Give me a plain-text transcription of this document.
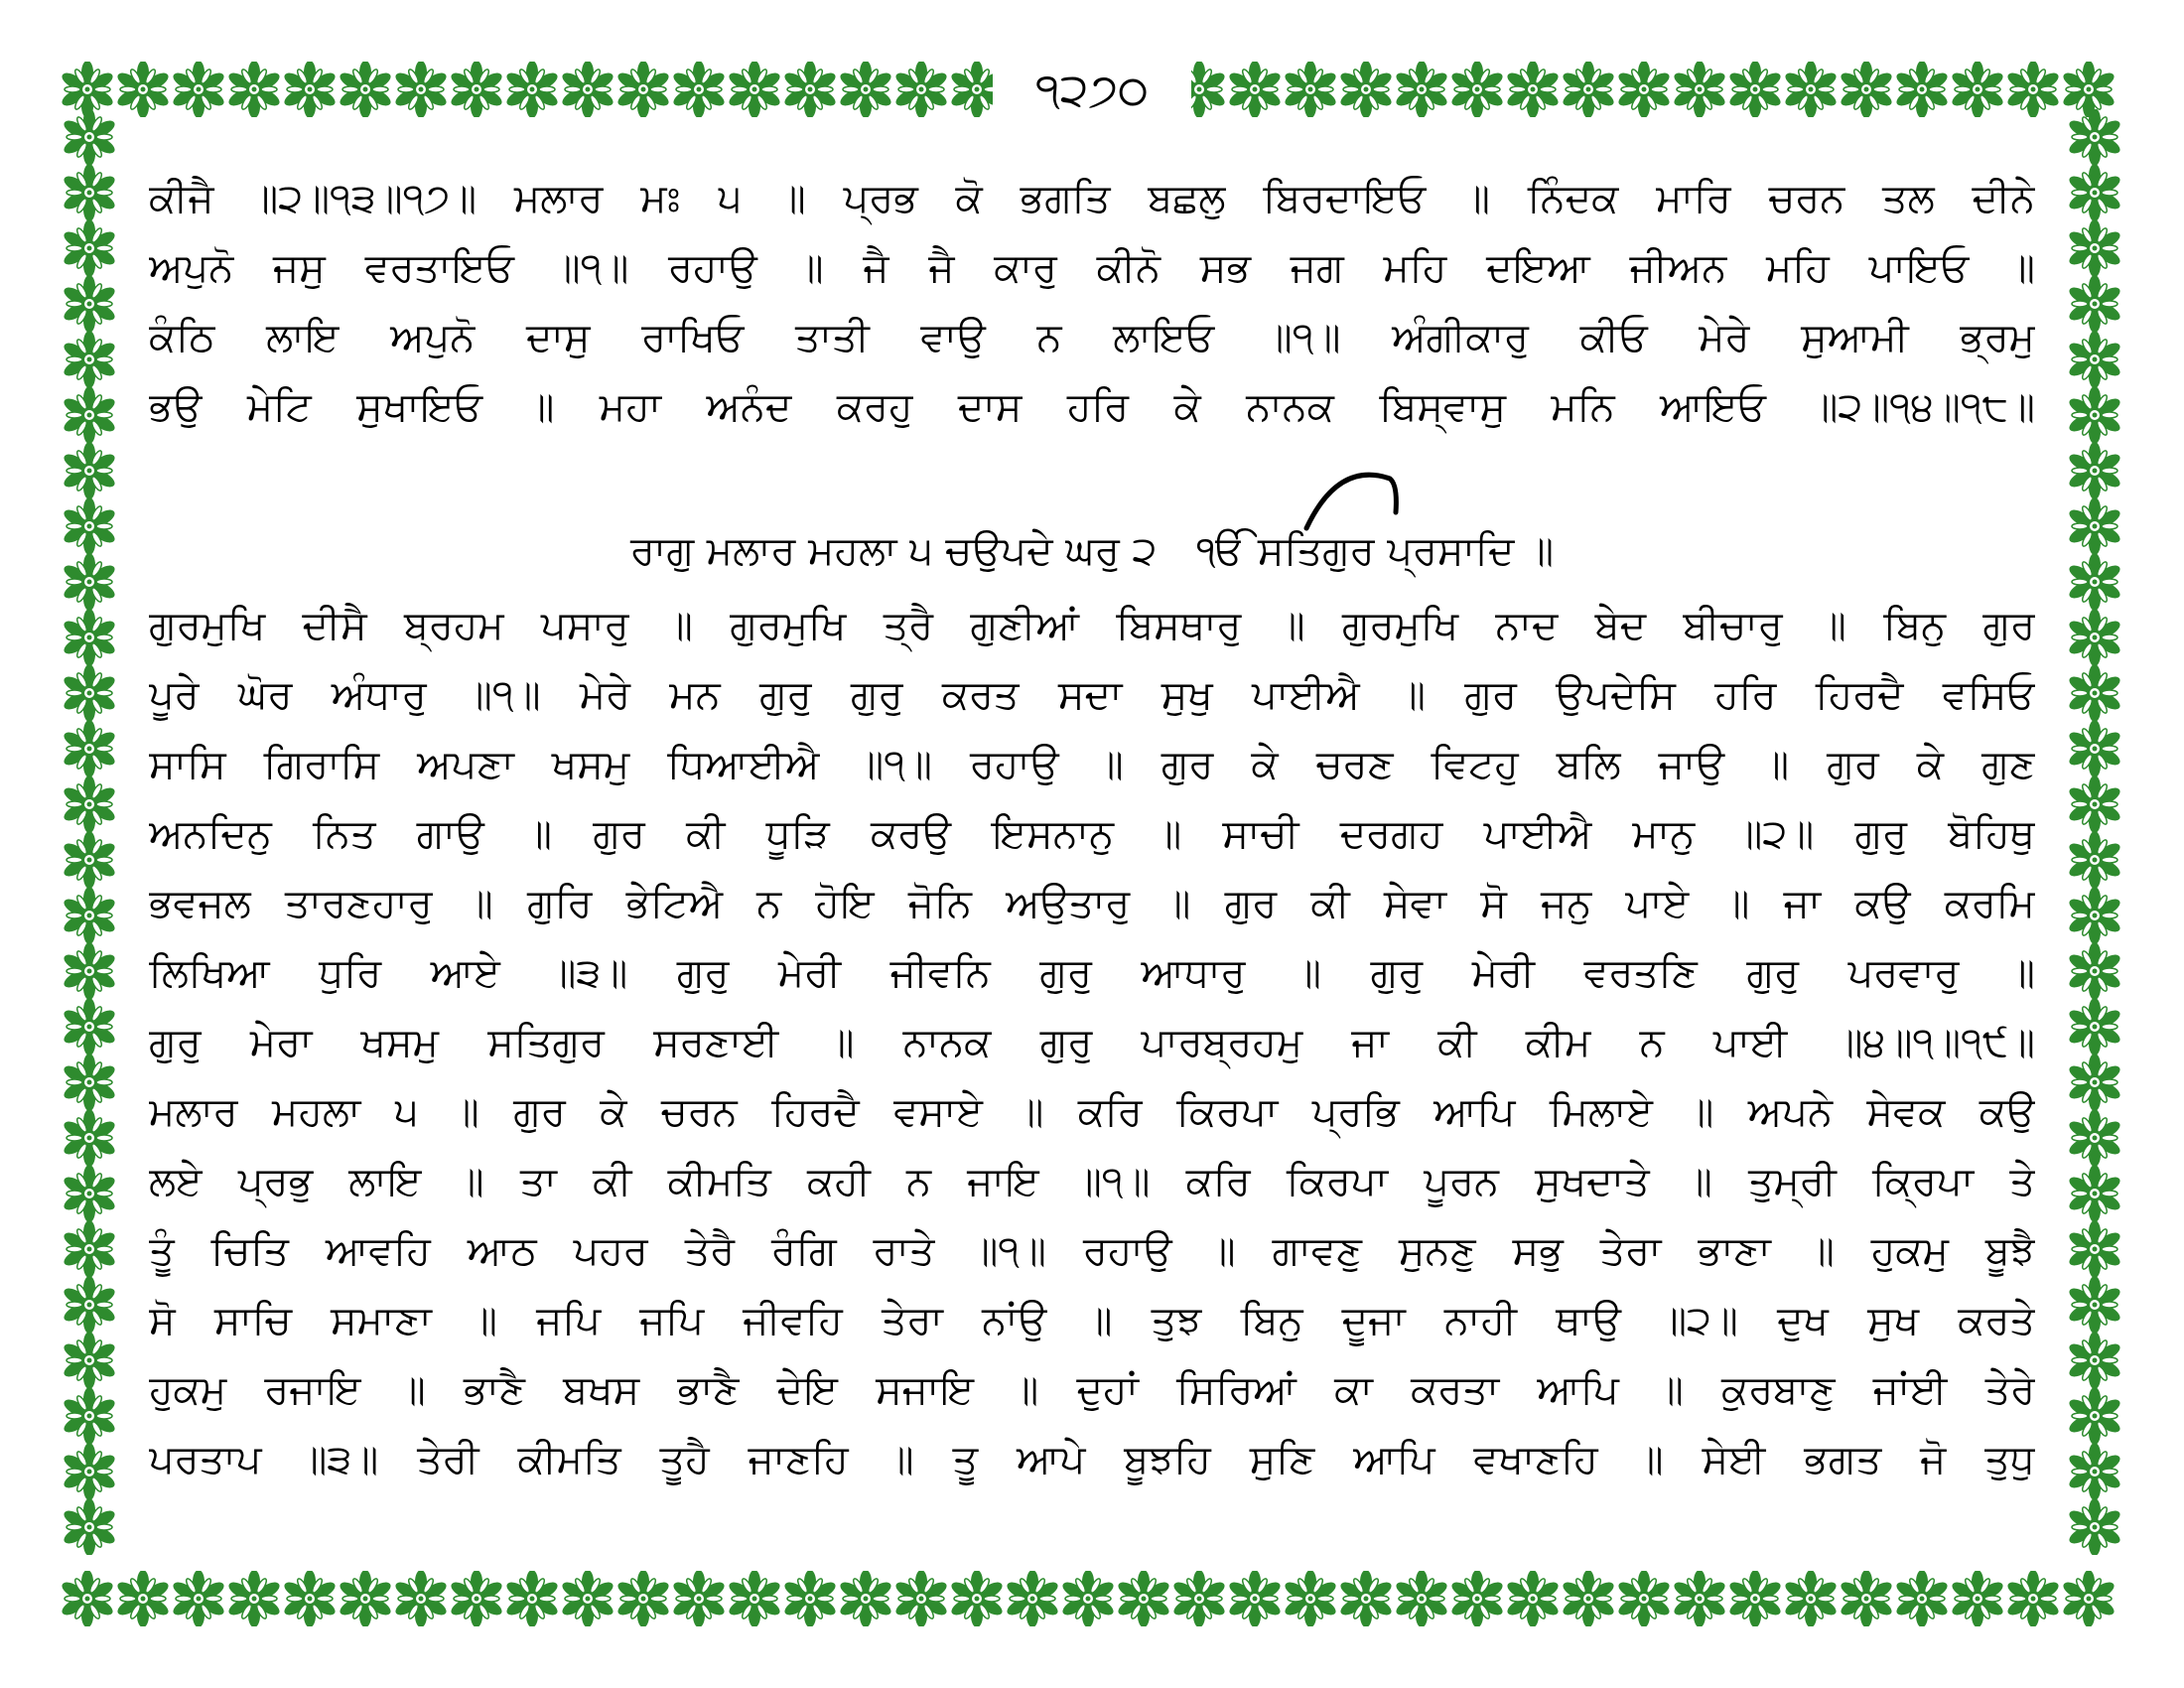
੧੨੭੦
ਕੀਜੈ ॥੨॥੧੩॥੧੭॥ ਮਲਾਰ ਮਃ ੫ ॥ ਪ੍ਰਭ ਕੋ ਭਗਤਿ ਬਛਲੁ ਬਿਰਦਾਇਓ ॥ ਨਿੰਦਕ ਮਾਰਿ ਚਰਨ ਤਲ ਦੀਨੇ
ਅਪੁਨੋ ਜਸੁ ਵਰਤਾਇਓ ॥੧॥ ਰਹਾਉ ॥ ਜੈ ਜੈ ਕਾਰੁ ਕੀਨੋ ਸਭ ਜਗ ਮਹਿ ਦਇਆ ਜੀਅਨ ਮਹਿ ਪਾਇਓ ॥
ਕੰਠਿ ਲਾਇ ਅਪੁਨੋ ਦਾਸੁ ਰਾਖਿਓ ਤਾਤੀ ਵਾਉ ਨ ਲਾਇਓ ॥੧॥ ਅੰਗੀਕਾਰੁ ਕੀਓ ਮੇਰੇ ਸੁਆਮੀ ਭ੍ਰਮੁ
ਭਉ ਮੇਟਿ ਸੁਖਾਇਓ ॥ ਮਹਾ ਅਨੰਦ ਕਰਹੁ ਦਾਸ ਹਰਿ ਕੇ ਨਾਨਕ ਬਿਸ੍ਵਾਸੁ ਮਨਿ ਆਇਓ ॥੨॥੧੪॥੧੮॥
ਰਾਗੁ ਮਲਾਰ ਮਹਲਾ ੫ ਚਉਪਦੇ ਘਰੁ ੨ ੴ ਸਤਿਗੁਰ ਪ੍ਰਸਾਦਿ ॥
ਗੁਰਮੁਖਿ ਦੀਸੈ ਬ੍ਰਹਮ ਪਸਾਰੁ ॥ ਗੁਰਮੁਖਿ ਤ੍ਰੈ ਗੁਣੀਆਂ ਬਿਸਥਾਰੁ ॥ ਗੁਰਮੁਖਿ ਨਾਦ ਬੇਦ ਬੀਚਾਰੁ ॥ ਬਿਨੁ ਗੁਰ
ਪੂਰੇ ਘੋਰ ਅੰਧਾਰੁ ॥੧॥ ਮੇਰੇ ਮਨ ਗੁਰੁ ਗੁਰੁ ਕਰਤ ਸਦਾ ਸੁਖੁ ਪਾਈਐ ॥ ਗੁਰ ਉਪਦੇਸਿ ਹਰਿ ਹਿਰਦੈ ਵਸਿਓ
ਸਾਸਿ ਗਿਰਾਸਿ ਅਪਣਾ ਖਸਮੁ ਧਿਆਈਐ ॥੧॥ ਰਹਾਉ ॥ ਗੁਰ ਕੇ ਚਰਣ ਵਿਟਹੁ ਬਲਿ ਜਾਉ ॥ ਗੁਰ ਕੇ ਗੁਣ
ਅਨਦਿਨੁ ਨਿਤ ਗਾਉ ॥ ਗੁਰ ਕੀ ਧੂੜਿ ਕਰਉ ਇਸਨਾਨੁ ॥ ਸਾਚੀ ਦਰਗਹ ਪਾਈਐ ਮਾਨੁ ॥੨॥ ਗੁਰੁ ਬੋਹਿਥੁ
ਭਵਜਲ ਤਾਰਣਹਾਰੁ ॥ ਗੁਰਿ ਭੇਟਿਐ ਨ ਹੋਇ ਜੋਨਿ ਅਉਤਾਰੁ ॥ ਗੁਰ ਕੀ ਸੇਵਾ ਸੋ ਜਨੁ ਪਾਏ ॥ ਜਾ ਕਉ ਕਰਮਿ
ਲਿਖਿਆ ਧੁਰਿ ਆਏ ॥੩॥ ਗੁਰੁ ਮੇਰੀ ਜੀਵਨਿ ਗੁਰੁ ਆਧਾਰੁ ॥ ਗੁਰੁ ਮੇਰੀ ਵਰਤਣਿ ਗੁਰੁ ਪਰਵਾਰੁ ॥
ਗੁਰੁ ਮੇਰਾ ਖਸਮੁ ਸਤਿਗੁਰ ਸਰਣਾਈ ॥ ਨਾਨਕ ਗੁਰੁ ਪਾਰਬ੍ਰਹਮੁ ਜਾ ਕੀ ਕੀਮ ਨ ਪਾਈ ॥੪॥੧॥੧੯॥
ਮਲਾਰ ਮਹਲਾ ੫ ॥ ਗੁਰ ਕੇ ਚਰਨ ਹਿਰਦੈ ਵਸਾਏ ॥ ਕਰਿ ਕਿਰਪਾ ਪ੍ਰਭਿ ਆਪਿ ਮਿਲਾਏ ॥ ਅਪਨੇ ਸੇਵਕ ਕਉ
ਲਏ ਪ੍ਰਭੁ ਲਾਇ ॥ ਤਾ ਕੀ ਕੀਮਤਿ ਕਹੀ ਨ ਜਾਇ ॥੧॥ ਕਰਿ ਕਿਰਪਾ ਪੂਰਨ ਸੁਖਦਾਤੇ ॥ ਤੁਮ੍ਰੀ ਕ੍ਰਿਪਾ ਤੇ
ਤੂੰ ਚਿਤਿ ਆਵਹਿ ਆਠ ਪਹਰ ਤੇਰੈ ਰੰਗਿ ਰਾਤੇ ॥੧॥ ਰਹਾਉ ॥ ਗਾਵਣੁ ਸੁਨਣੁ ਸਭੁ ਤੇਰਾ ਭਾਣਾ ॥ ਹੁਕਮੁ ਬੂਝੈ
ਸੋ ਸਾਚਿ ਸਮਾਣਾ ॥ ਜਪਿ ਜਪਿ ਜੀਵਹਿ ਤੇਰਾ ਨਾਂਉ ॥ ਤੁਝ ਬਿਨੁ ਦੂਜਾ ਨਾਹੀ ਥਾਉ ॥੨॥ ਦੁਖ ਸੁਖ ਕਰਤੇ
ਹੁਕਮੁ ਰਜਾਇ ॥ ਭਾਣੈ ਬਖਸ ਭਾਣੈ ਦੇਇ ਸਜਾਇ ॥ ਦੁਹਾਂ ਸਿਰਿਆਂ ਕਾ ਕਰਤਾ ਆਪਿ ॥ ਕੁਰਬਾਣੁ ਜਾਂਈ ਤੇਰੇ
ਪਰਤਾਪ ॥੩॥ ਤੇਰੀ ਕੀਮਤਿ ਤੂਹੈ ਜਾਣਹਿ ॥ ਤੂ ਆਪੇ ਬੂਝਹਿ ਸੁਣਿ ਆਪਿ ਵਖਾਣਹਿ ॥ ਸੇਈ ਭਗਤ ਜੋ ਤੁਧੁ
